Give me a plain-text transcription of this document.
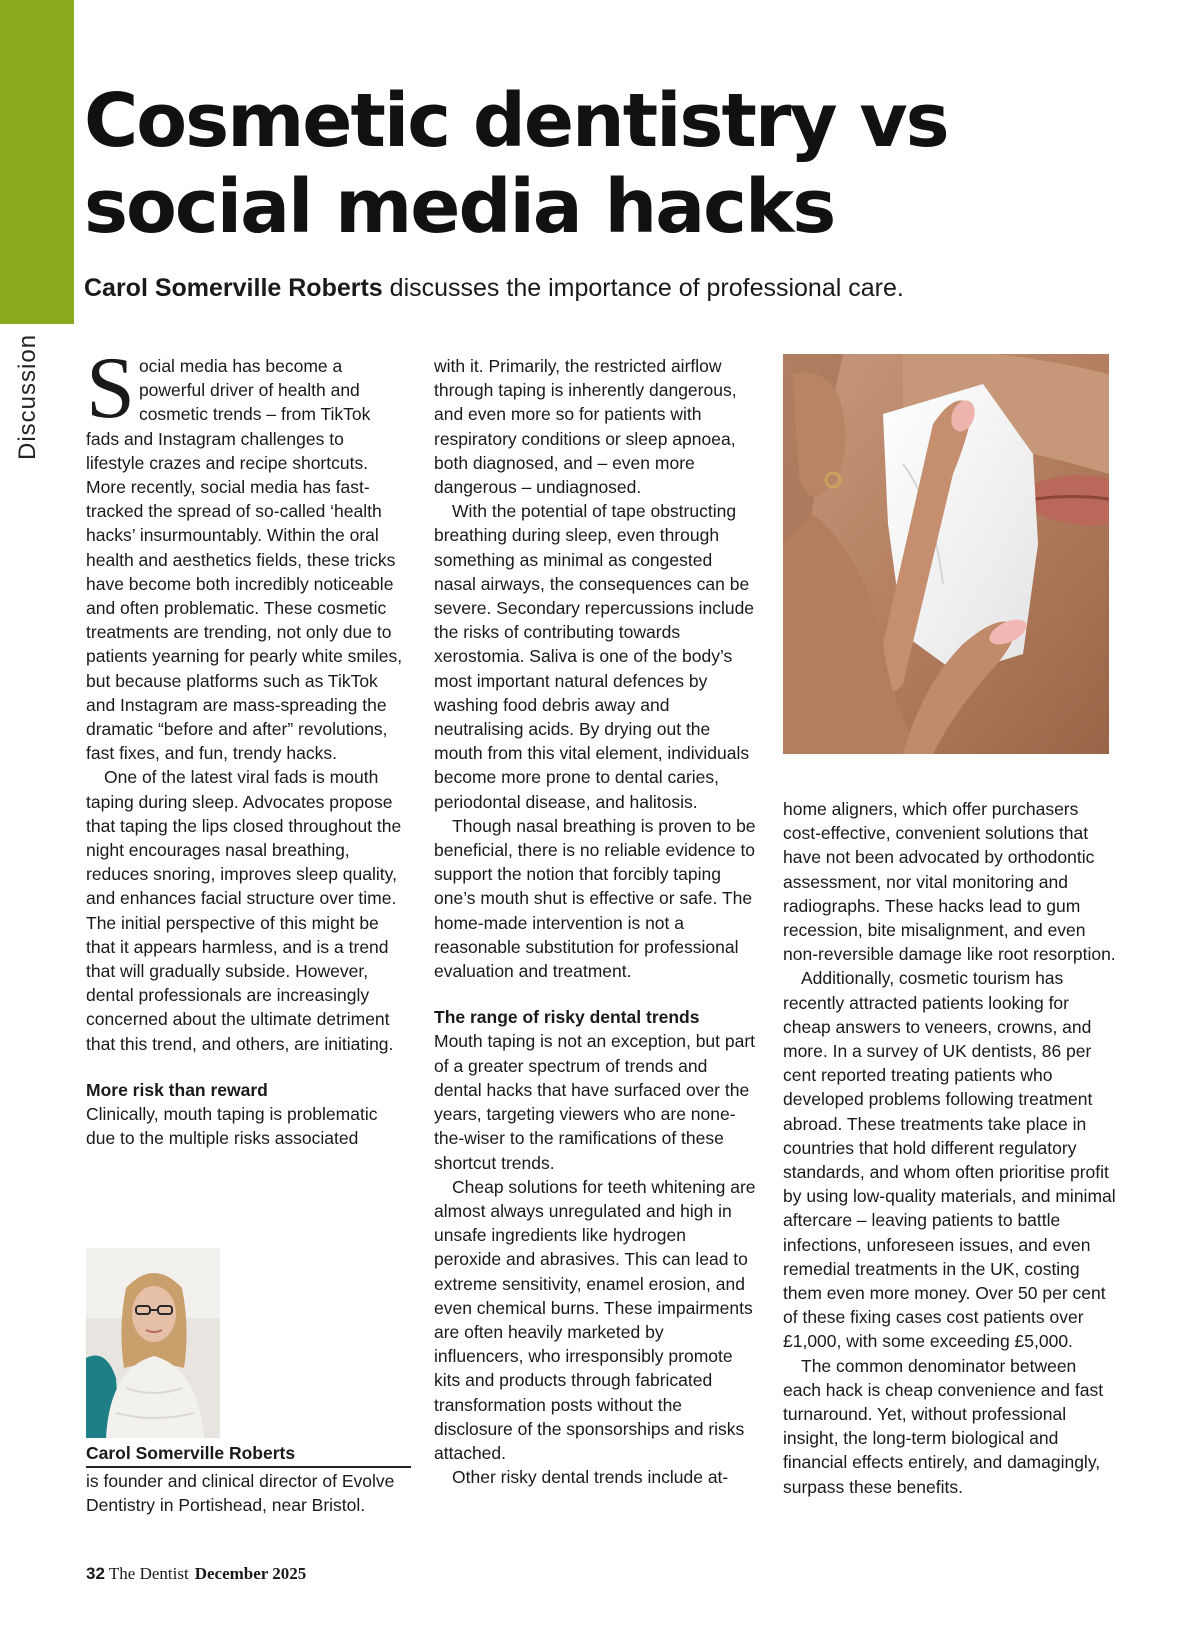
Discussion
Cosmetic dentistry vs social media hacks

Carol Somerville Roberts discusses the importance of professional care.

Social media has become a powerful driver of health and cosmetic trends – from TikTok fads and Instagram challenges to lifestyle crazes and recipe shortcuts. More recently, social media has fast-tracked the spread of so-called ‘health hacks’ insurmountably. Within the oral health and aesthetics fields, these tricks have become both incredibly noticeable and often problematic. These cosmetic treatments are trending, not only due to patients yearning for pearly white smiles, but because platforms such as TikTok and Instagram are mass-spreading the dramatic “before and after” revolutions, fast fixes, and fun, trendy hacks.

One of the latest viral fads is mouth taping during sleep. Advocates propose that taping the lips closed throughout the night encourages nasal breathing, reduces snoring, improves sleep quality, and enhances facial structure over time. The initial perspective of this might be that it appears harmless, and is a trend that will gradually subside. However, dental professionals are increasingly concerned about the ultimate detriment that this trend, and others, are initiating.

More risk than reward

Clinically, mouth taping is problematic due to the multiple risks associated

with it. Primarily, the restricted airflow through taping is inherently dangerous, and even more so for patients with respiratory conditions or sleep apnoea, both diagnosed, and – even more dangerous – undiagnosed.

With the potential of tape obstructing breathing during sleep, even through something as minimal as congested nasal airways, the consequences can be severe. Secondary repercussions include the risks of contributing towards xerostomia. Saliva is one of the body’s most important natural defences by washing food debris away and neutralising acids. By drying out the mouth from this vital element, individuals become more prone to dental caries, periodontal disease, and halitosis.

Though nasal breathing is proven to be beneficial, there is no reliable evidence to support the notion that forcibly taping one’s mouth shut is effective or safe. The home-made intervention is not a reasonable substitution for professional evaluation and treatment.

The range of risky dental trends

Mouth taping is not an exception, but part of a greater spectrum of trends and dental hacks that have surfaced over the years, targeting viewers who are none-the-wiser to the ramifications of these shortcut trends.

Cheap solutions for teeth whitening are almost always unregulated and high in unsafe ingredients like hydrogen peroxide and abrasives. This can lead to extreme sensitivity, enamel erosion, and even chemical burns. These impairments are often heavily marketed by influencers, who irresponsibly promote kits and products through fabricated transformation posts without the disclosure of the sponsorships and risks attached.

Other risky dental trends include at-

home aligners, which offer purchasers cost-effective, convenient solutions that have not been advocated by orthodontic assessment, nor vital monitoring and radiographs. These hacks lead to gum recession, bite misalignment, and even non-reversible damage like root resorption.

Additionally, cosmetic tourism has recently attracted patients looking for cheap answers to veneers, crowns, and more. In a survey of UK dentists, 86 per cent reported treating patients who developed problems following treatment abroad. These treatments take place in countries that hold different regulatory standards, and whom often prioritise profit by using low-quality materials, and minimal aftercare – leaving patients to battle infections, unforeseen issues, and even remedial treatments in the UK, costing them even more money. Over 50 per cent of these fixing cases cost patients over £1,000, with some exceeding £5,000.

The common denominator between each hack is cheap convenience and fast turnaround. Yet, without professional insight, the long-term biological and financial effects entirely, and damagingly, surpass these benefits.

Carol Somerville Roberts
is founder and clinical director of Evolve Dentistry in Portishead, near Bristol.
32 The Dentist December 2025
